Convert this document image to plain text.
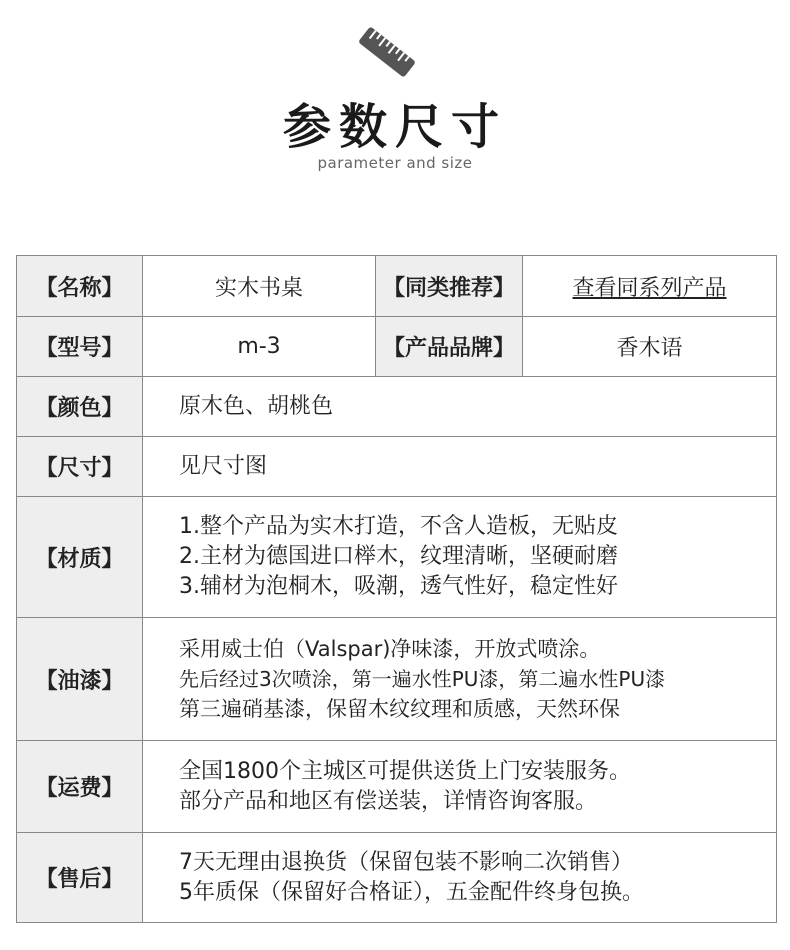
参数尺寸
parameter and size
【名称】	实木书桌	【同类推荐】	查看同系列产品
【型号】	m-3	【产品品牌】	香木语
【颜色】	原木色、胡桃色		
【尺寸】	见尺寸图		
【材质】	1.整个产品为实木打造，不含人造板，无贴皮
2.主材为德国进口榉木，纹理清晰，坚硬耐磨
3.辅材为泡桐木，吸潮，透气性好，稳定性好		

【油漆】	采用威士伯（Valspar)净味漆，开放式喷涂。
先后经过3次喷涂，第一遍水性PU漆，第二遍水性PU漆
第三遍硝基漆，保留木纹纹理和质感，天然环保		

【运费】	全国1800个主城区可提供送货上门安装服务。
部分产品和地区有偿送装，详情咨询客服。		

【售后】	7天无理由退换货（保留包装不影响二次销售）
5年质保（保留好合格证），五金配件终身包换。		
